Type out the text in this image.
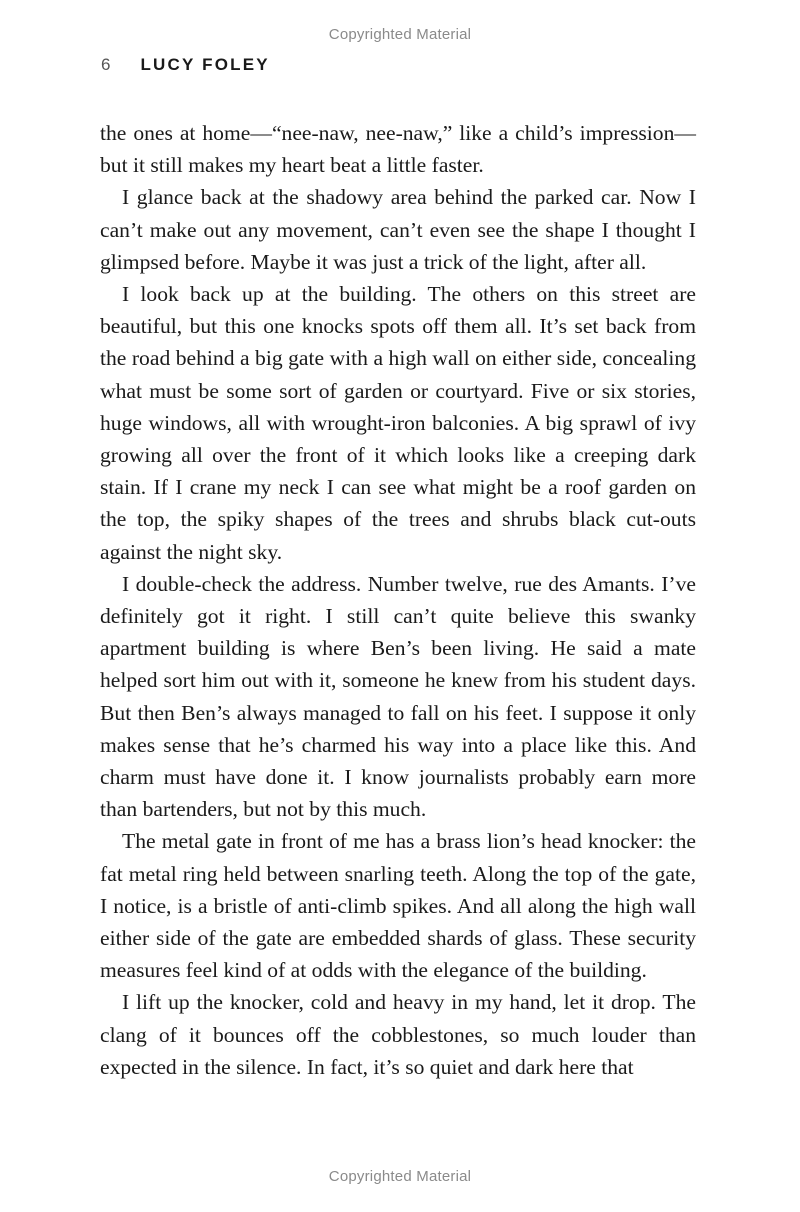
Copyrighted Material
6 LUCY FOLEY

the ones at home—“nee-naw, nee-naw,” like a child’s impression—but it still makes my heart beat a little faster.

I glance back at the shadowy area behind the parked car. Now I can’t make out any movement, can’t even see the shape I thought I glimpsed before. Maybe it was just a trick of the light, after all.

I look back up at the building. The others on this street are beautiful, but this one knocks spots off them all. It’s set back from the road behind a big gate with a high wall on either side, concealing what must be some sort of garden or courtyard. Five or six stories, huge windows, all with wrought-iron balconies. A big sprawl of ivy growing all over the front of it which looks like a creeping dark stain. If I crane my neck I can see what might be a roof garden on the top, the spiky shapes of the trees and shrubs black cut-outs against the night sky.

I double-check the address. Number twelve, rue des Amants. I’ve definitely got it right. I still can’t quite believe this swanky apartment building is where Ben’s been living. He said a mate helped sort him out with it, someone he knew from his student days. But then Ben’s always managed to fall on his feet. I suppose it only makes sense that he’s charmed his way into a place like this. And charm must have done it. I know journalists probably earn more than bartenders, but not by this much.

The metal gate in front of me has a brass lion’s head knocker: the fat metal ring held between snarling teeth. Along the top of the gate, I notice, is a bristle of anti-climb spikes. And all along the high wall either side of the gate are embedded shards of glass. These security measures feel kind of at odds with the elegance of the building.

I lift up the knocker, cold and heavy in my hand, let it drop. The clang of it bounces off the cobblestones, so much louder than expected in the silence. In fact, it’s so quiet and dark here that

Copyrighted Material
